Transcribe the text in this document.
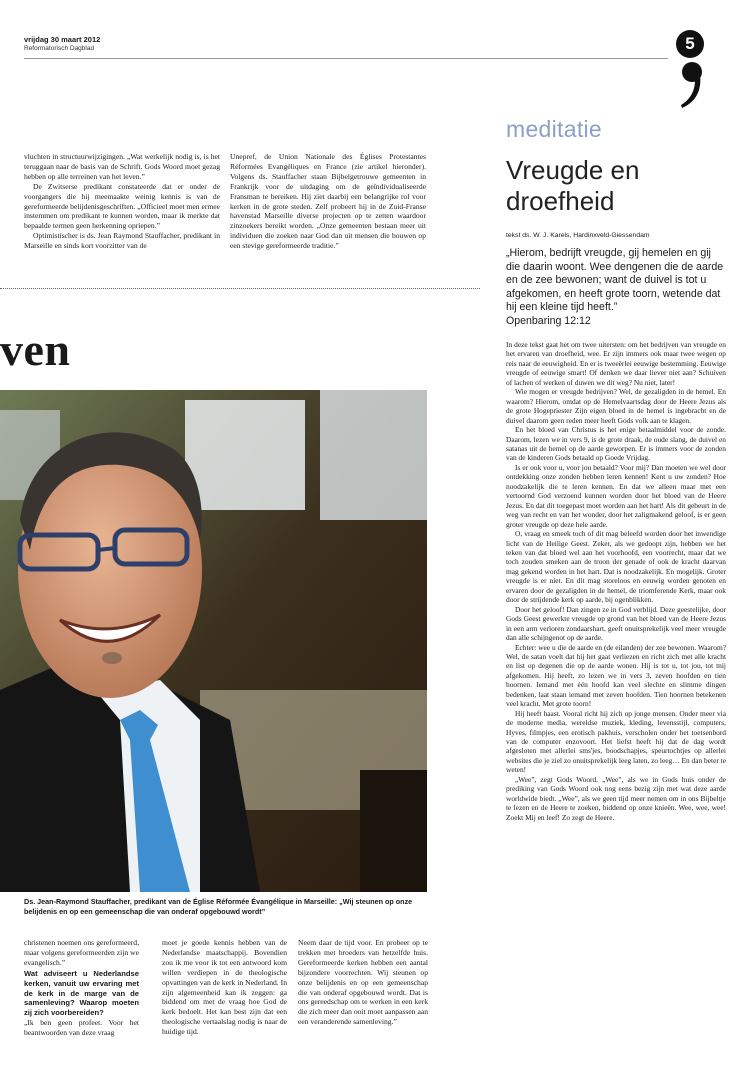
vrijdag 30 maart 2012
Reformatorisch Dagblad	5

vluchten in structuurwijzigingen. „Wat werkelijk nodig is, is het teruggaan naar de basis van de Schrift. Gods Woord moet gezag hebben op alle terreinen van het leven.”

De Zwitserse predikant constateerde dat er onder de voorgangers die hij meemaakte weinig kennis is van de gereformeerde belijdenisgeschriften. „Officieel moet men ermee instemmen om predikant te kunnen worden, maar ik merkte dat bepaalde termen geen herkenning opriepen.”

Optimistischer is ds. Jean Raymond Stauffacher, predikant in Marseille en sinds kort voorzitter van de

Unepref, de Union Nationale des Églises Protestantes Réformées Evangéliques en France (zie artikel hieronder). Volgens ds. Stauffacher staan Bijbelgetrouwe gemeenten in Frankrijk voor de uitdaging om de geïndividualiseerde Fransman te bereiken. Hij ziet daarbij een belangrijke rol voor kerken in de grote steden. Zelf probeert hij in de Zuid-Franse havenstad Marseille diverse projecten op te zetten waardoor zinzoekers bereikt worden. „Onze gemeenten bestaan meer uit individuen die zoeken naar God dan uit mensen die bouwen op een stevige gereformeerde traditie.”

ven
Ds. Jean-Raymond Stauffacher, predikant van de Église Réformée Évangélique in Marseille: „Wij steunen op onze belijdenis en op een gemeenschap die van onderaf opgebouwd wordt”

christenen noemen ons gereformeerd, maar volgens gereformeerden zijn we evangelisch.”

Wat adviseert u Nederlandse kerken, vanuit uw ervaring met de kerk in de marge van de samenleving? Waarop moeten zij zich voorbereiden?

„Ik ben geen profeet. Voor het beantwoorden van deze vraag

moet je goede kennis hebben van de Nederlandse maatschappij. Bovendien zou ik me voor ik tot een antwoord kom willen verdiepen in de theologische opvattingen van de kerk in Nederland. In zijn algemeenheid kan ik zeggen: ga biddend om met de vraag hoe God de kerk bedoelt. Het kan best zijn dat een theologische vertaalslag nodig is naar de huidige tijd.

Neem daar de tijd voor. En probeer op te trekken met broeders van hetzelfde huis. Gereformeerde kerken hebben een aantal bijzondere voorrechten. Wij steunen op onze belijdenis en op een gemeenschap die van onderaf opgebouwd wordt. Dat is ons gereedschap om te werken in een kerk die zich meer dan ooit moet aanpassen aan een veranderende samenleving.”

meditatie
Vreugde en droefheid
tekst ds. W. J. Karels, Hardinxveld-Giessendam
„Hierom, bedrijft vreugde, gij hemelen en gij die daarin woont. Wee dengenen die de aarde en de zee bewonen; want de duivel is tot u afgekomen, en heeft grote toorn, wetende dat hij een kleine tijd heeft.”
Openbaring 12:12

In deze tekst gaat het om twee uitersten: om het bedrijven van vreugde en het ervaren van droefheid, wee. Er zijn immers ook maar twee wegen op reis naar de eeuwigheid. En er is tweeërlei eeuwige bestemming. Eeuwige vreugde of eeuwige smart! Of denken we daar liever niet aan? Schuiven of lachen of werken of duwen we dit weg? Nu niet, later!

Wie mogen er vreugde bedrijven? Wel, de gezaligden in de hemel. En waarom? Hierom, omdat op de Hemelvaartsdag door de Heere Jezus als de grote Hogepriester Zijn eigen bloed in de hemel is ingebracht en de duivel daarom geen reden meer heeft Gods volk aan te klagen.

En het bloed van Christus is het enige betaalmiddel voor de zonde. Daarom, lezen we in vers 9, is de grote draak, de oude slang, de duivel en satanas uit de hemel op de aarde geworpen. Er is immers voor de zonden van de kinderen Gods betaald op Goede Vrijdag.

Is er ook voor u, voor jou betaald? Voor mij? Dan moeten we wel door ontdekking onze zonden hebben leren kennen! Kent u uw zonden? Hoe noodzakelijk die te leren kennen. En dat we alleen maar met een vertoornd God verzoend kunnen worden door het bloed van de Heere Jezus. En dat dit toegepast moet worden aan het hart! Als dit gebeurt in de weg van recht en van het wonder, door het zaligmakend geloof, is er geen groter vreugde op deze hele aarde.

O, vraag en smeek toch of dit mag beleefd worden door het inwendige licht van de Heilige Geest. Zeker, als we gedoopt zijn, hebben we het teken van dat bloed wel aan het voorhoofd, een voorrecht, maar dat we toch zouden smeken aan de troon der genade of ook de kracht daarvan mag gekend worden in het hart. Dat is noodzakelijk. En mogelijk. Groter vreugde is er niet. En dit mag storeloos en eeuwig worden genoten en ervaren door de gezaligden in de hemel, de triomferende Kerk, maar ook door de strijdende kerk op aarde, bij ogenblikken.

Door het geloof! Dan zingen ze in God verblijd. Deze geestelijke, door Gods Geest gewerkte vreugde op grond van het bloed van de Heere Jezus in een arm verloren zondaarshart, geeft onuitsprekelijk veel meer vreugde dan alle schijngenot op de aarde.

Echter: wee u die de aarde en (de eilanden) der zee bewonen. Waarom? Wel, de satan voelt dat hij het gaat verliezen en richt zich met alle kracht en list op degenen die op de aarde wonen. Hij is tot u, tot jou, tot mij afgekomen. Hij heeft, zo lezen we in vers 3, zeven hoofden en tien hoornen. Iemand met één hoofd kan veel slechte en slimme dingen bedenken, laat staan iemand met zeven hoofden. Tien hoornen betekenen veel kracht. Met grote toorn!

Hij heeft haast. Vooral richt hij zich op jonge mensen. Onder meer via de moderne media, wereldse muziek, kleding, levensstijl, computers, Hyves, filmpjes, een erotisch pakhuis, verscholen onder het toetsenbord van de computer enzovoort. Het liefst heeft hij dat de dag wordt afgesloten met allerlei sms'jes, boodschapjes, speurtochtjes op allerlei websites die je ziel zo onuitsprekelijk leeg laten, zo leeg… En dan beter te weten!

„Wee”, zegt Gods Woord. „Wee”, als we in Gods huis onder de prediking van Gods Woord ook nog eens bezig zijn met wat deze aarde worldwide biedt. „Wee”, als we geen tijd meer nemen om in ons Bijbeltje te lezen en de Heere te zoeken, biddend op onze knieën. Wee, wee, wee! Zoekt Mij en leef! Zo zegt de Heere.
